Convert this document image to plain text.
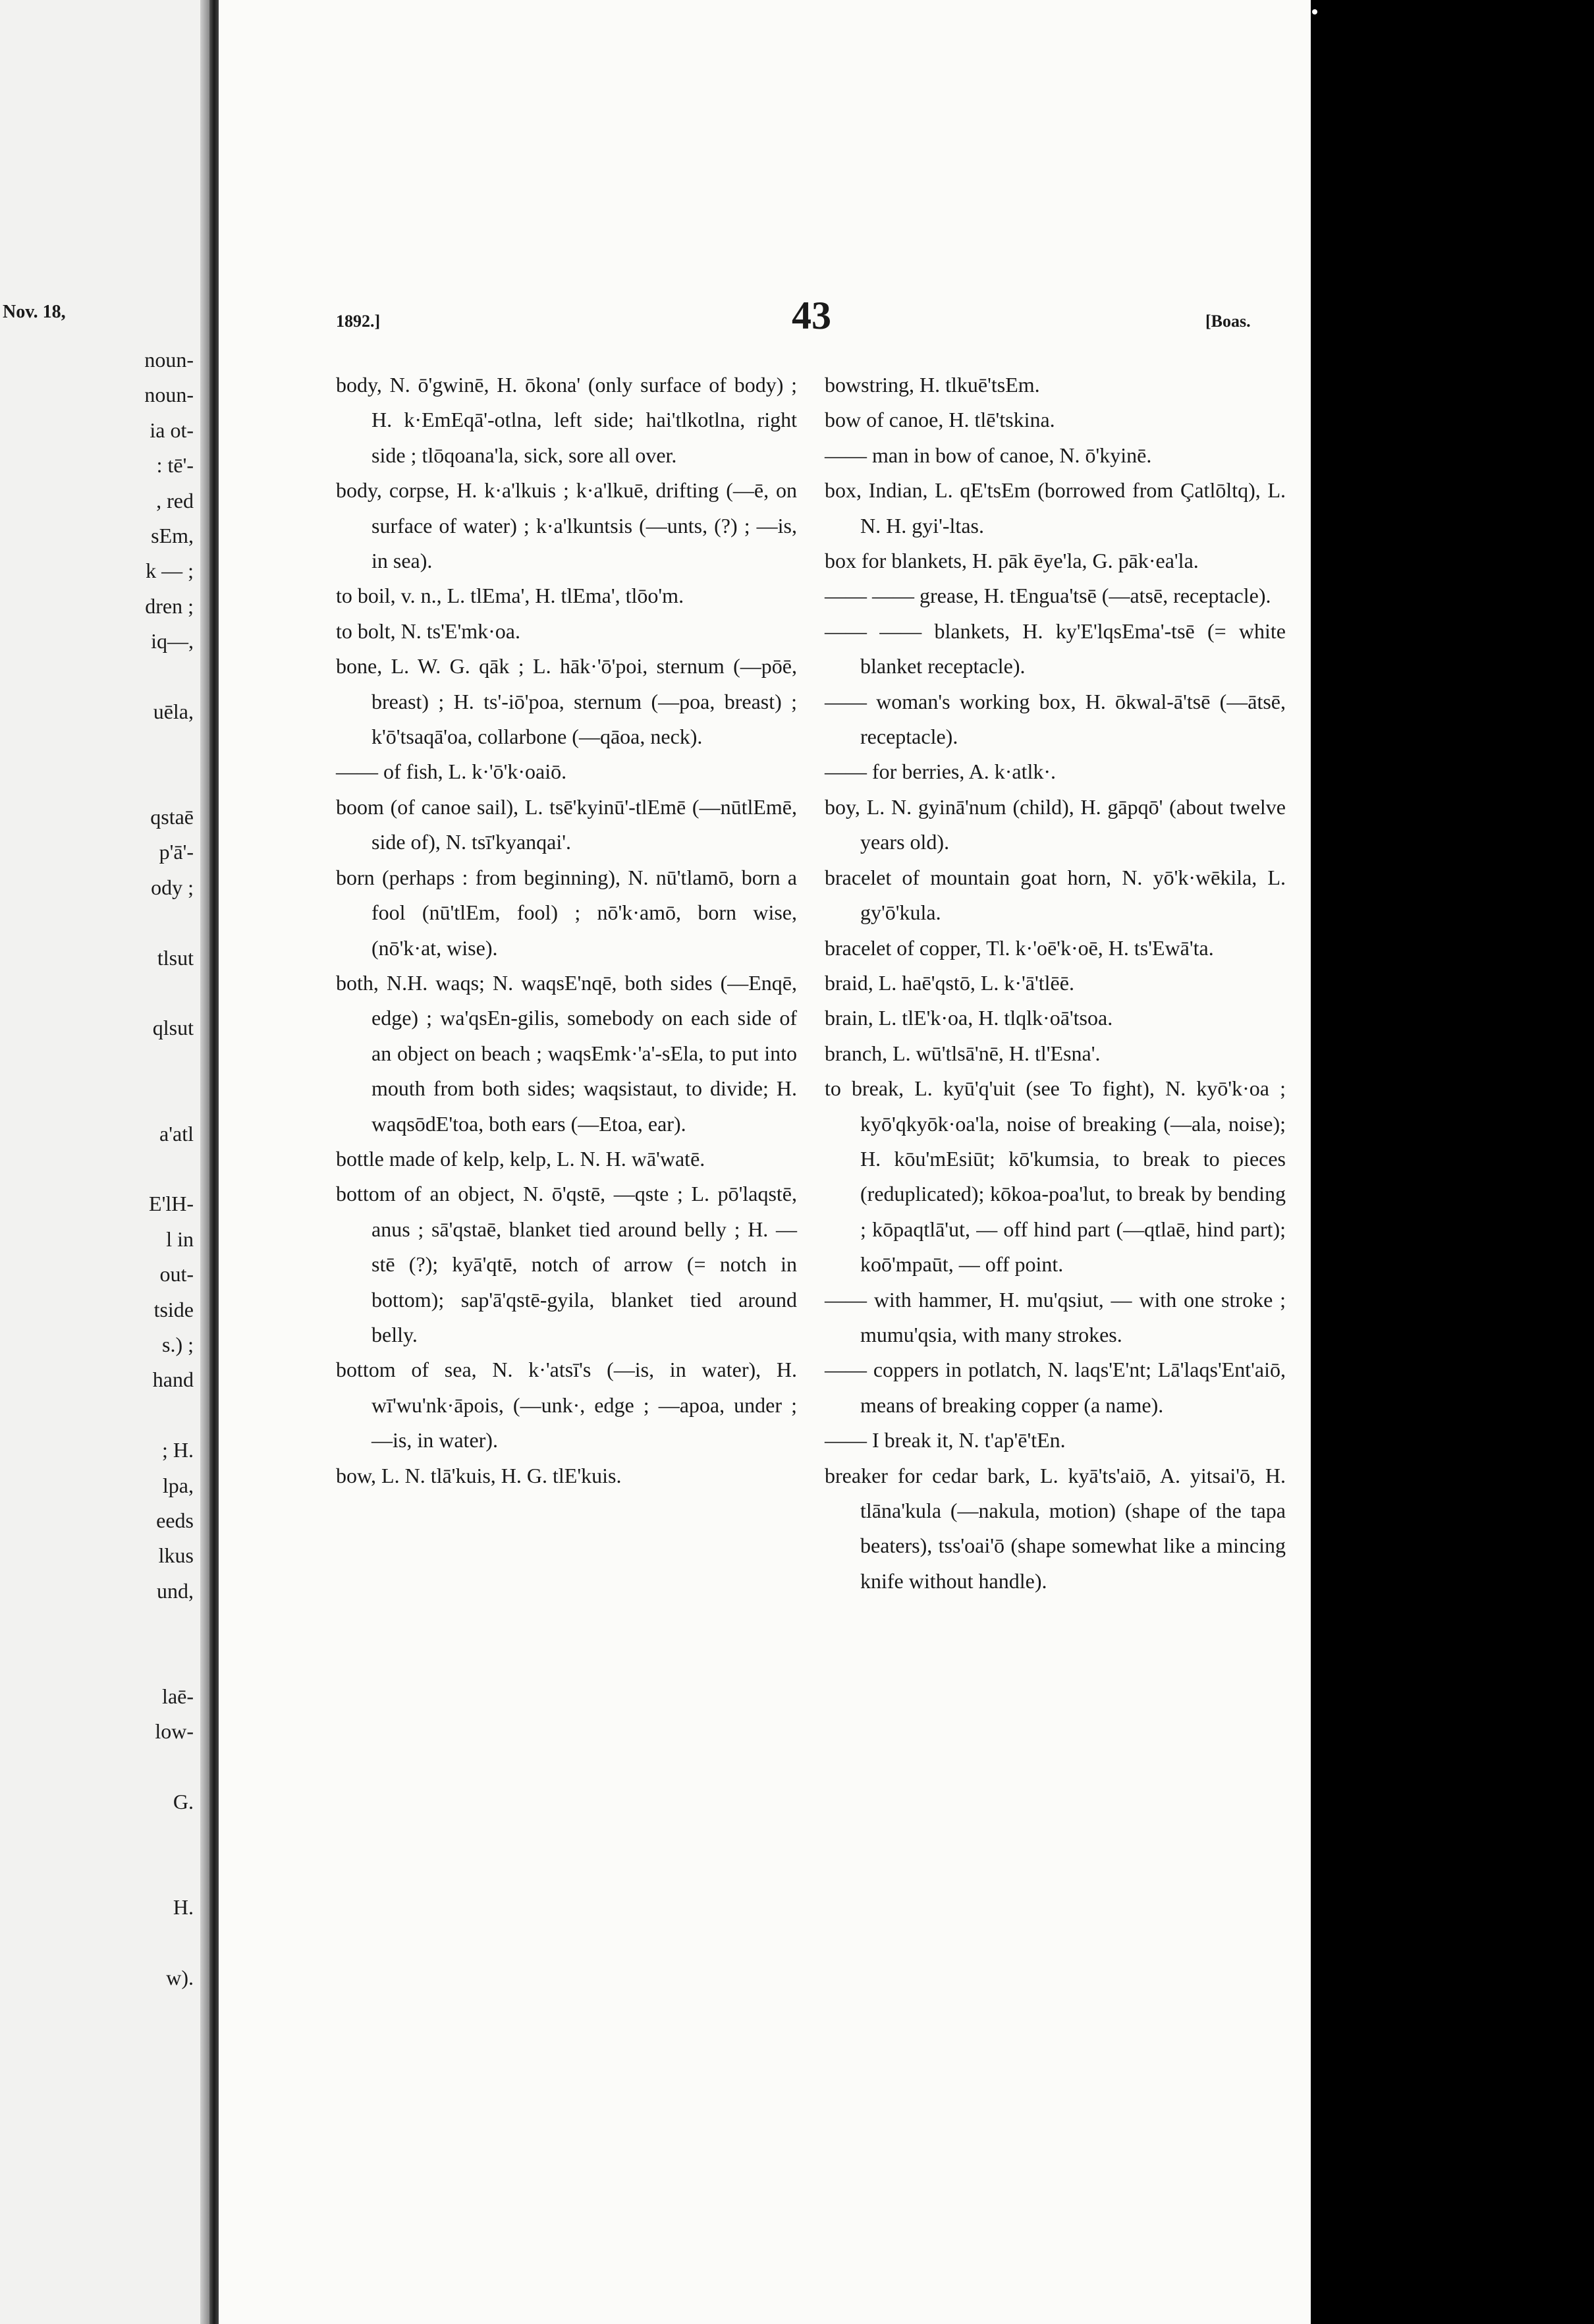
Nov. 18,
noun-
noun-
ia ot-
: tē'-
, red
sEm,
k — ;
dren ;
iq—,
uēla,
qstaē
p'ā'-
ody ;
tlsut
qlsut
a'atl
E'lH-
l in
out-
tside
s.) ;
hand
; H.
lpa,
eeds
lkus
und,
laē-
low-
G.
H.
w).
1892.]	43	[Boas.

body, N. ō'gwinē, H. ōkona' (only surface of body) ; H. k·EmEqā'-otlna, left side; hai'tlkotlna, right side ; tlōqoana'la, sick, sore all over.

body, corpse, H. k·a'lkuis ; k·a'lkuē, drifting (—ē, on surface of water) ; k·a'lkuntsis (—unts, (?) ; —is, in sea).

to boil, v. n., L. tlEma', H. tlEma', tlōo'm.

to bolt, N. ts'E'mk·oa.

bone, L. W. G. qāk ; L. hāk·'ō'poi, sternum (—pōē, breast) ; H. ts'-iō'poa, sternum (—poa, breast) ; k'ō'tsaqā'oa, collarbone (—qāoa, neck).

—— of fish, L. k·'ō'k·oaiō.

boom (of canoe sail), L. tsē'kyinū'-tlEmē (—nūtlEmē, side of), N. tsī'kyanqai'.

born (perhaps : from beginning), N. nū'tlamō, born a fool (nū'tlEm, fool) ; nō'k·amō, born wise, (nō'k·at, wise).

both, N.H. waqs; N. waqsE'nqē, both sides (—Enqē, edge) ; wa'qsEn-gilis, somebody on each side of an object on beach ; waqsEmk·'a'-sEla, to put into mouth from both sides; waqsistaut, to divide; H. waqsōdE'toa, both ears (—Etoa, ear).

bottle made of kelp, kelp, L. N. H. wā'watē.

bottom of an object, N. ō'qstē, —qste ; L. pō'laqstē, anus ; sā'qstaē, blanket tied around belly ; H. —stē (?); kyā'qtē, notch of arrow (= notch in bottom); sap'ā'qstē-gyila, blanket tied around belly.

bottom of sea, N. k·'atsī's (—is, in water), H. wī'wu'nk·āpois, (—unk·, edge ; —apoa, under ; —is, in water).

bow, L. N. tlā'kuis, H. G. tlE'kuis.

bowstring, H. tlkuē'tsEm.

bow of canoe, H. tlē'tskina.

—— man in bow of canoe, N. ō'kyinē.

box, Indian, L. qE'tsEm (borrowed from Çatlōltq), L. N. H. gyi'-ltas.

box for blankets, H. pāk ēye'la, G. pāk·ea'la.

—— —— grease, H. tEngua'tsē (—atsē, receptacle).

—— —— blankets, H. ky'E'lqsEma'-tsē (= white blanket receptacle).

—— woman's working box, H. ōkwal-ā'tsē (—ātsē, receptacle).

—— for berries, A. k·atlk·.

boy, L. N. gyinā'num (child), H. gāpqō' (about twelve years old).

bracelet of mountain goat horn, N. yō'k·wēkila, L. gy'ō'kula.

bracelet of copper, Tl. k·'oē'k·oē, H. ts'Ewā'ta.

braid, L. haē'qstō, L. k·'ā'tlēē.

brain, L. tlE'k·oa, H. tlqlk·oā'tsoa.

branch, L. wū'tlsā'nē, H. tl'Esna'.

to break, L. kyū'q'uit (see To fight), N. kyō'k·oa ; kyō'qkyōk·oa'la, noise of breaking (—ala, noise); H. kōu'mEsiūt; kō'kumsia, to break to pieces (reduplicated); kōkoa-poa'lut, to break by bending ; kōpaqtlā'ut, — off hind part (—qtlaē, hind part); koō'mpaūt, — off point.

—— with hammer, H. mu'qsiut, — with one stroke ; mumu'qsia, with many strokes.

—— coppers in potlatch, N. laqs'E'nt; Lā'laqs'Ent'aiō, means of breaking copper (a name).

—— I break it, N. t'ap'ē'tEn.

breaker for cedar bark, L. kyā'ts'aiō, A. yitsai'ō, H. tlāna'kula (—nakula, motion) (shape of the tapa beaters), tss'oai'ō (shape somewhat like a mincing knife without handle).
